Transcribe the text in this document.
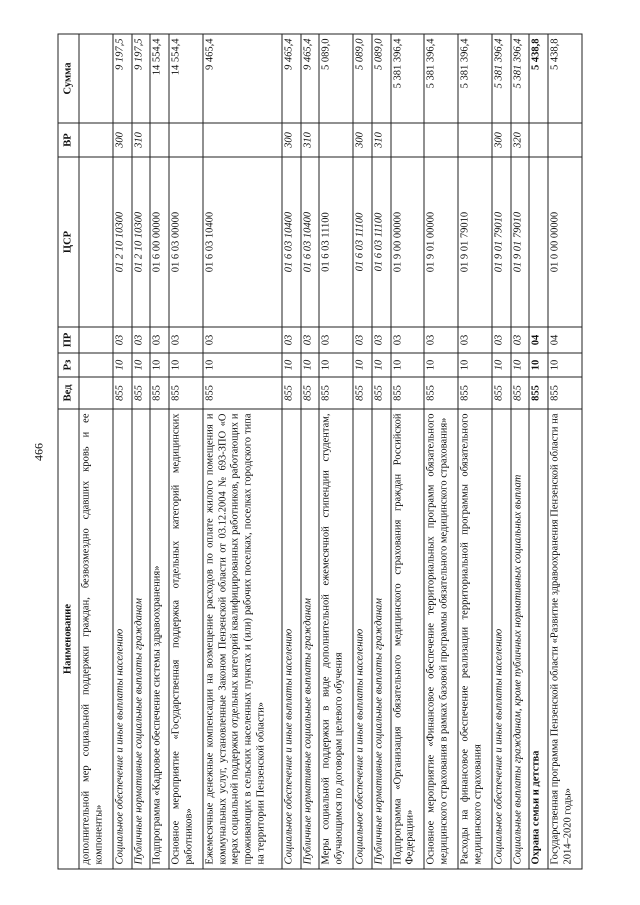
466
Наименование	Вед	Рз	ПР	ЦСР	ВР	Сумма
дополнительной мер социальной поддержки граждан, безвозмездно сдавших кровь и ее компоненты»						
Социальное обеспечение и иные выплаты населению	855	10	03	01 2 10 10300	300	9 197,5
Публичные нормативные социальные выплаты гражданам	855	10	03	01 2 10 10300	310	9 197,5
Подпрограмма «Кадровое обеспечение системы здравоохранения»	855	10	03	01 6 00 00000		14 554,4
Основное мероприятие «Государственная поддержка отдельных категорий медицинских работников»	855	10	03	01 6 03 00000		14 554,4
Ежемесячные денежные компенсации на возмещение расходов по оплате жилого помещения и коммунальных услуг, установленные Законом Пензенской области от 03.12.2004 № 693-ЗПО «О мерах социальной поддержки отдельных категорий квалифицированных работников, работающих и проживающих в сельских населенных пунктах и (или) рабочих поселках, поселках городского типа на территории Пензенской области»	855	10	03	01 6 03 10400		9 465,4
Социальное обеспечение и иные выплаты населению	855	10	03	01 6 03 10400	300	9 465,4
Публичные нормативные социальные выплаты гражданам	855	10	03	01 6 03 10400	310	9 465,4
Меры социальной поддержки в виде дополнительной ежемесячной стипендии студентам, обучающимся по договорам целевого обучения	855	10	03	01 6 03 11100		5 089,0
Социальное обеспечение и иные выплаты населению	855	10	03	01 6 03 11100	300	5 089,0
Публичные нормативные социальные выплаты гражданам	855	10	03	01 6 03 11100	310	5 089,0
Подпрограмма «Организация обязательного медицинского страхования граждан Российской Федерации»	855	10	03	01 9 00 00000		5 381 396,4
Основное мероприятие «Финансовое обеспечение территориальных программ обязательного медицинского страхования в рамках базовой программы обязательного медицинского страхования»	855	10	03	01 9 01 00000		5 381 396,4
Расходы на финансовое обеспечение реализации территориальной программы обязательного медицинского страхования	855	10	03	01 9 01 79010		5 381 396,4
Социальное обеспечение и иные выплаты населению	855	10	03	01 9 01 79010	300	5 381 396,4
Социальные выплаты гражданам, кроме публичных нормативных социальных выплат	855	10	03	01 9 01 79010	320	5 381 396,4
Охрана семьи и детства	855	10	04			5 438,8
Государственная программа Пензенской области «Развитие здравоохранения Пензенской области на 2014–2020 годы»	855	10	04	01 0 00 00000		5 438,8
